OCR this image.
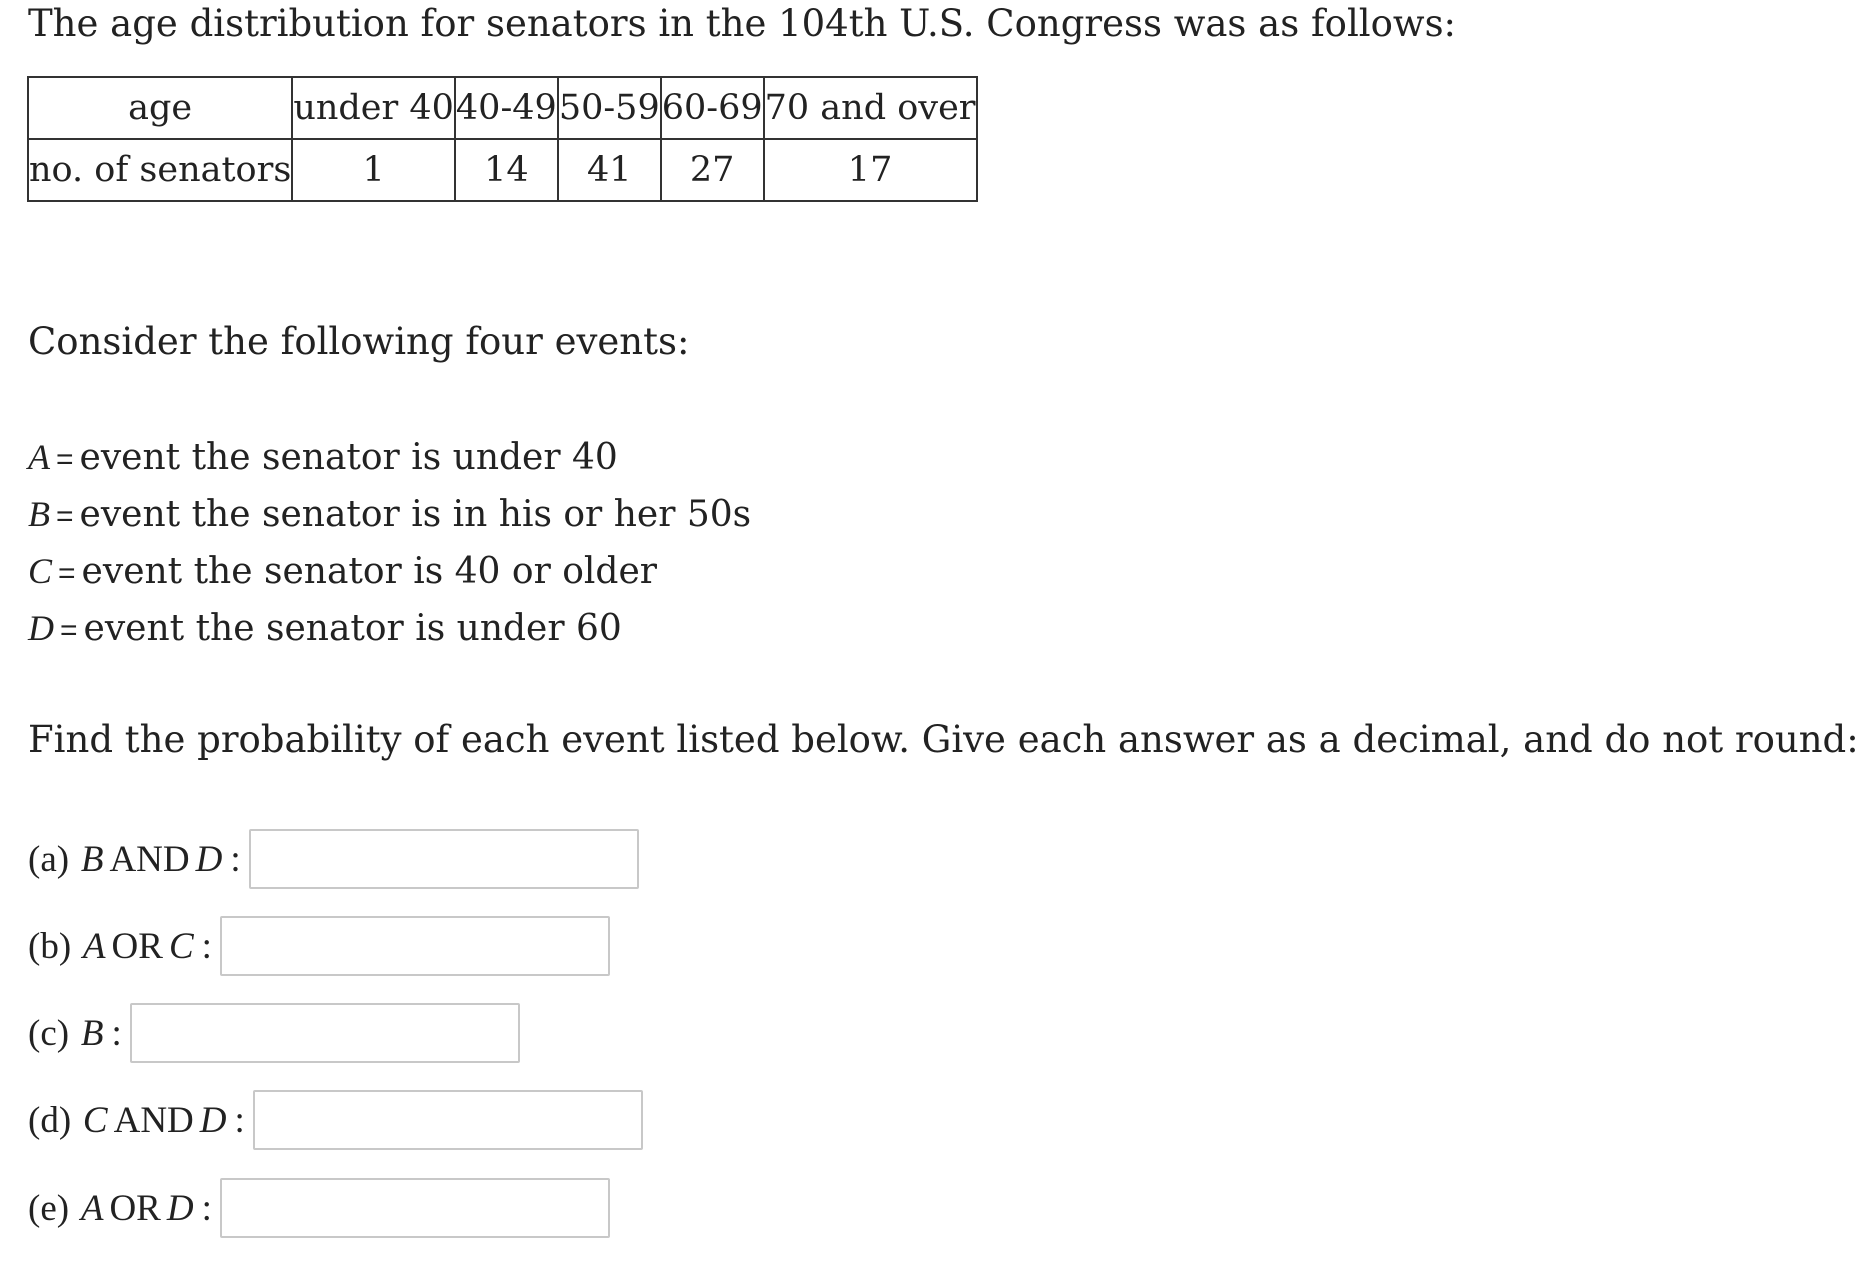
The age distribution for senators in the 104th U.S. Congress was as follows:
age	under 40	40-49	50-59	60-69	70 and over
no. of senators	1	14	41	27	17
Consider the following four events:
A = event the senator is under 40
B = event the senator is in his or her 50s
C = event the senator is 40 or older
D = event the senator is under 60
Find the probability of each event listed below. Give each answer as a decimal, and do not round:
(a)
B AND D :
(b)
A OR C :
(c)
B :
(d)
C AND D :
(e)
A OR D :
